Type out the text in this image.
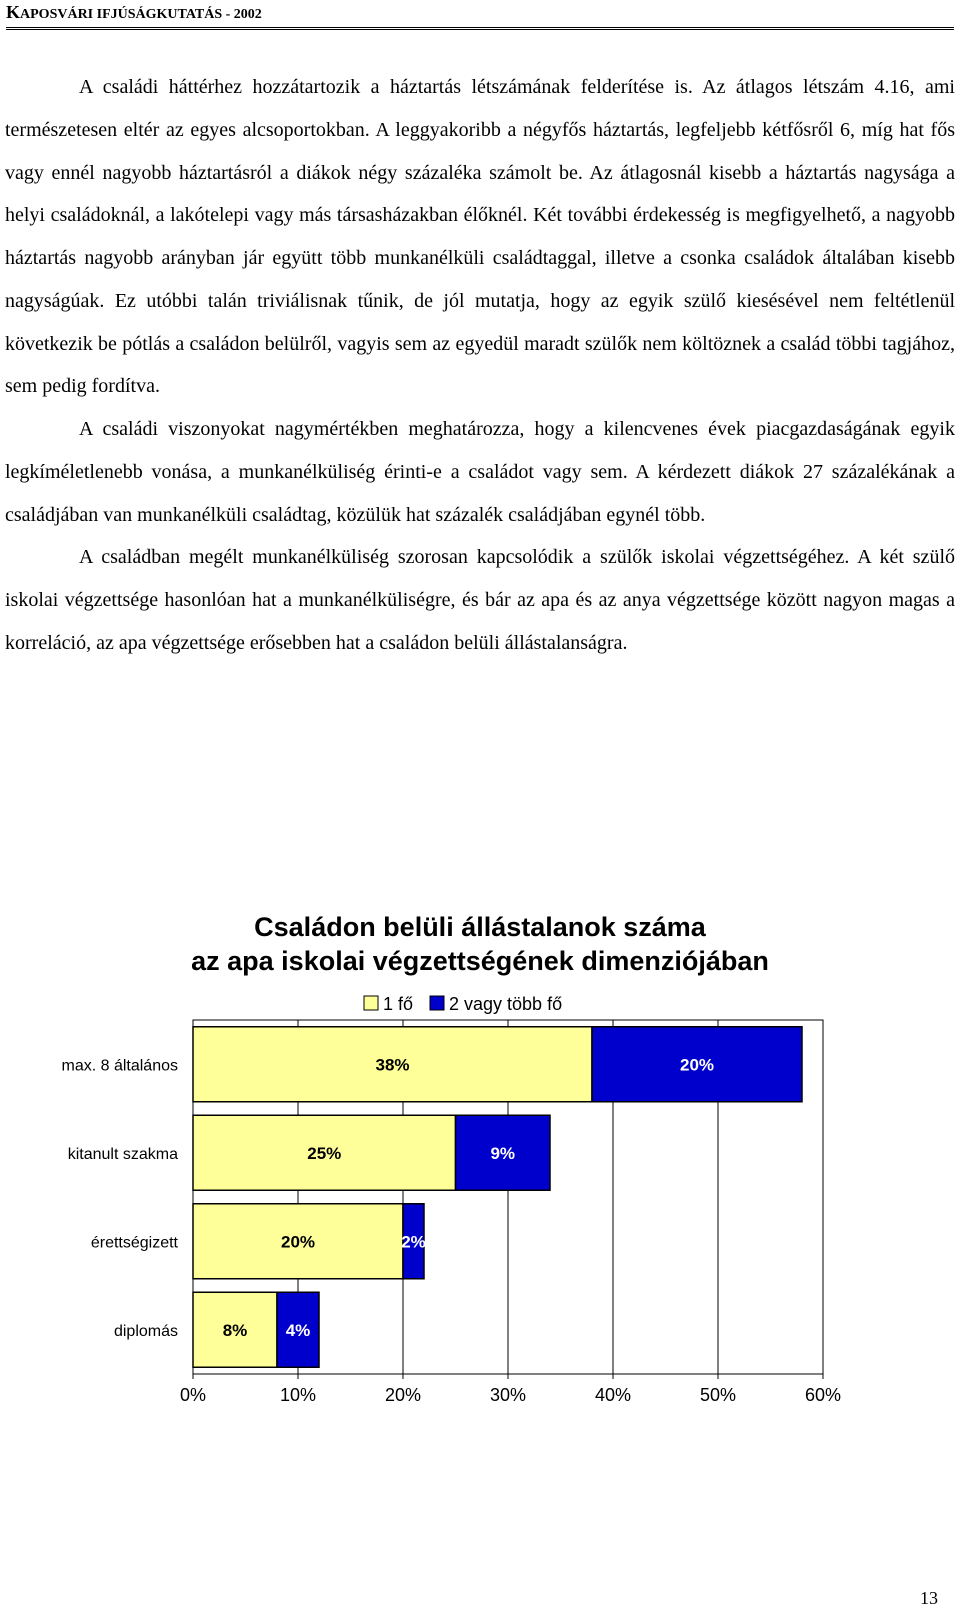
KAPOSVÁRI IFJÚSÁGKUTATÁS - 2002

A családi háttérhez hozzátartozik a háztartás létszámának felderítése is. Az átlagos létszám 4.16, ami természetesen eltér az egyes alcsoportokban. A leggyakoribb a négyfős háztartás, legfeljebb kétfősről 6, míg hat fős vagy ennél nagyobb háztartásról a diákok négy százaléka számolt be. Az átlagosnál kisebb a háztartás nagysága a helyi családoknál, a lakótelepi vagy más társasházakban élőknél. Két további érdekesség is megfigyelhető, a nagyobb háztartás nagyobb arányban jár együtt több munkanélküli családtaggal, illetve a csonka családok általában kisebb nagyságúak. Ez utóbbi talán triviálisnak tűnik, de jól mutatja, hogy az egyik szülő kiesésével nem feltétlenül következik be pótlás a családon belülről, vagyis sem az egyedül maradt szülők nem költöznek a család többi tagjához, sem pedig fordítva.

A családi viszonyokat nagymértékben meghatározza, hogy a kilencvenes évek piacgazdaságának egyik legkíméletlenebb vonása, a munkanélküliség érinti-e a családot vagy sem. A kérdezett diákok 27 százalékának a családjában van munkanélküli családtag, közülük hat százalék családjában egynél több.

A családban megélt munkanélküliség szorosan kapcsolódik a szülők iskolai végzettségéhez. A két szülő iskolai végzettsége hasonlóan hat a munkanélküliségre, és bár az apa és az anya végzettsége között nagyon magas a korreláció, az apa végzettsége erősebben hat a családon belüli állástalanságra.

Családon belüli állástalanok száma
az apa iskolai végzettségének dimenziójában
0%	10%	20%	30%	40%	50%	60%
38%	20%
max. 8 általános
25%	9%
kitanult szakma
20%	2%
érettségizett
8% 4%
diplomás
1 fő 2 vagy több fő
13
